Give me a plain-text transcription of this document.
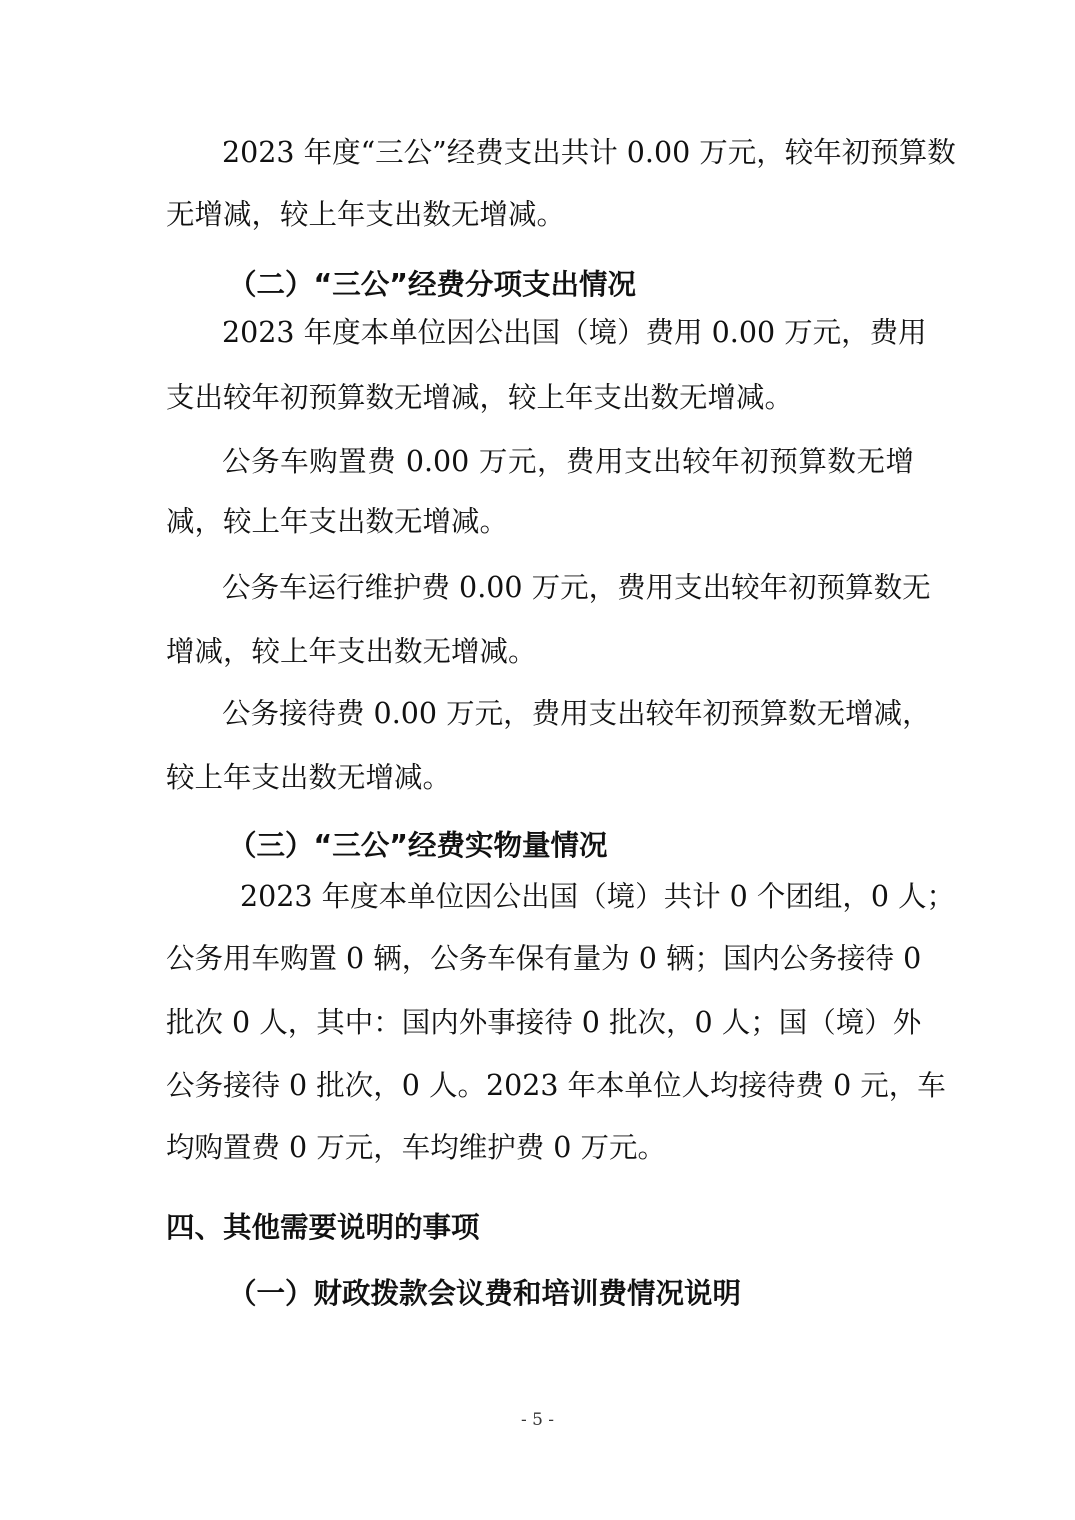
2023 年度“三公”经费支出共计 0.00 万元，较年初预算数
无增减，较上年支出数无增减。
（二）“三公”经费分项支出情况
2023 年度本单位因公出国（境）费用 0.00 万元，费用
支出较年初预算数无增减，较上年支出数无增减。
公务车购置费 0.00 万元，费用支出较年初预算数无增
减，较上年支出数无增减。
公务车运行维护费 0.00 万元，费用支出较年初预算数无
增减，较上年支出数无增减。
公务接待费 0.00 万元，费用支出较年初预算数无增减，
较上年支出数无增减。
（三）“三公”经费实物量情况
2023 年度本单位因公出国（境）共计 0 个团组，0 人；
公务用车购置 0 辆，公务车保有量为 0 辆；国内公务接待 0
批次 0 人，其中：国内外事接待 0 批次，0 人；国（境）外
公务接待 0 批次，0 人。2023 年本单位人均接待费 0 元，车
均购置费 0 万元，车均维护费 0 万元。
四、其他需要说明的事项
（一）财政拨款会议费和培训费情况说明
- 5 -
